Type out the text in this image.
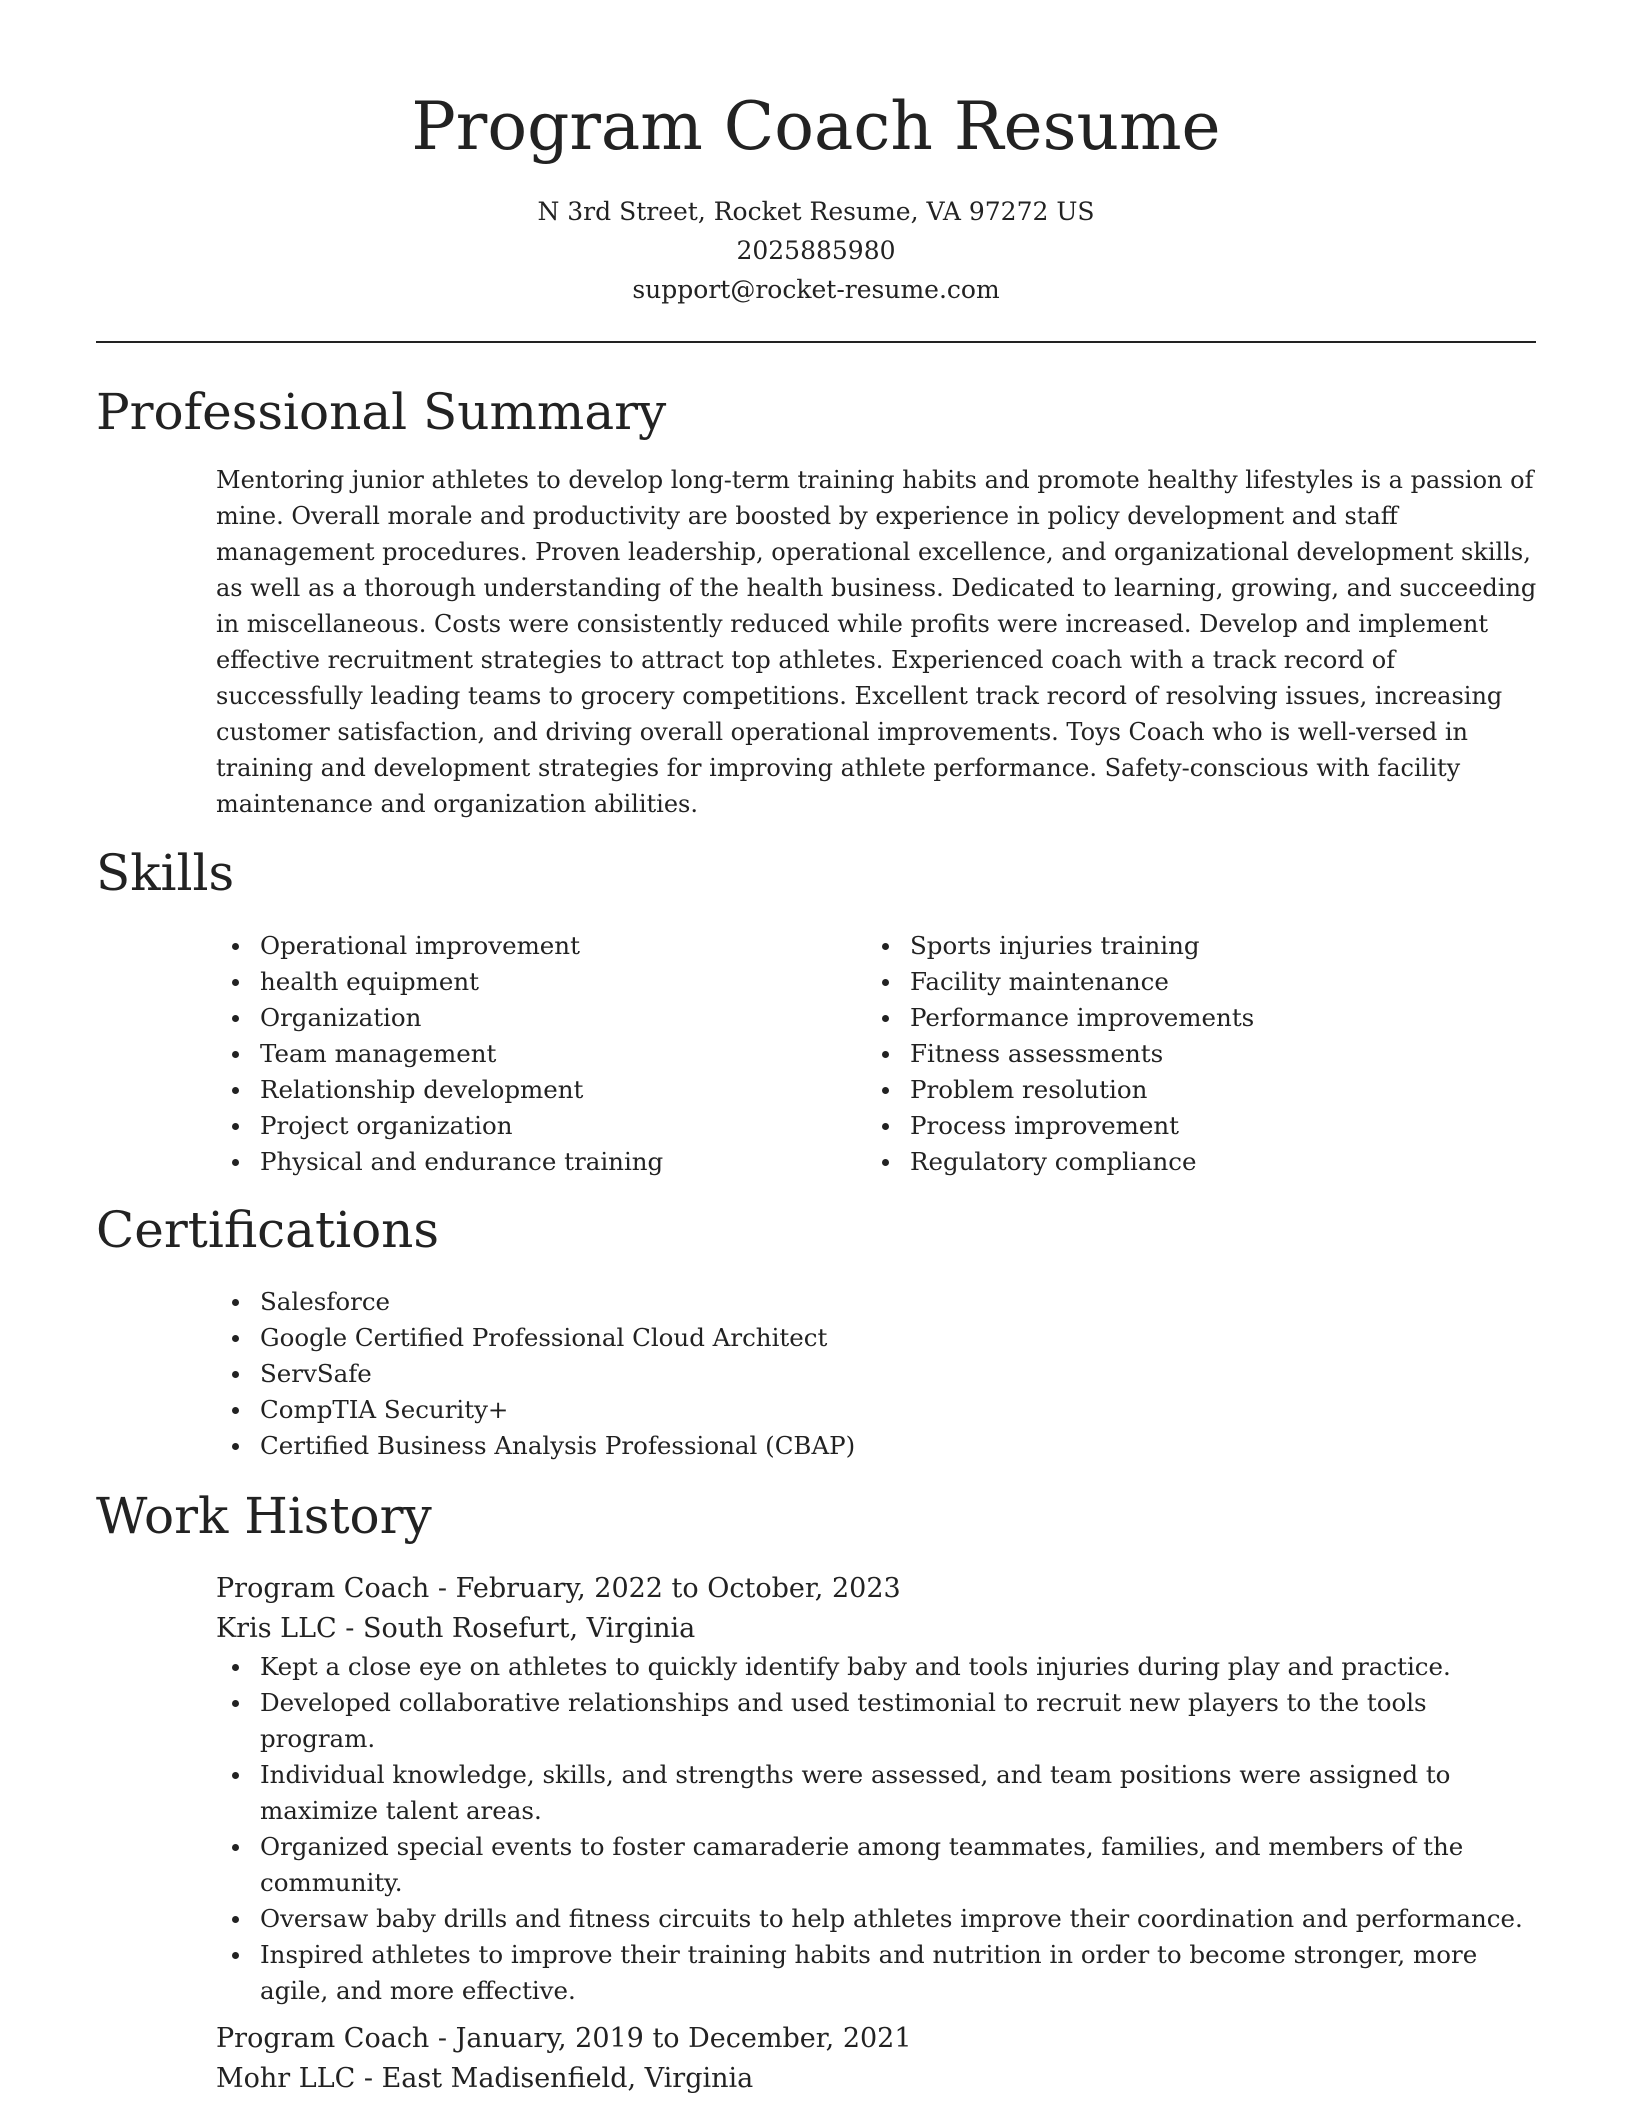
Program Coach Resume

N 3rd Street, Rocket Resume, VA 97272 US

2025885980

support@rocket-resume.com

Professional Summary

Mentoring junior athletes to develop long-term training habits and promote healthy lifestyles is a passion of mine. Overall morale and productivity are boosted by experience in policy development and staff management procedures. Proven leadership, operational excellence, and organizational development skills, as well as a thorough understanding of the health business. Dedicated to learning, growing, and succeeding in miscellaneous. Costs were consistently reduced while profits were increased. Develop and implement effective recruitment strategies to attract top athletes. Experienced coach with a track record of successfully leading teams to grocery competitions. Excellent track record of resolving issues, increasing customer satisfaction, and driving overall operational improvements. Toys Coach who is well-versed in training and development strategies for improving athlete performance. Safety-conscious with facility maintenance and organization abilities.

Skills
Operational improvement
health equipment
Organization
Team management
Relationship development
Project organization
Physical and endurance training
Sports injuries training
Facility maintenance
Performance improvements
Fitness assessments
Problem resolution
Process improvement
Regulatory compliance
Certifications
Salesforce
Google Certified Professional Cloud Architect
ServSafe
CompTIA Security+
Certified Business Analysis Professional (CBAP)
Work History

Program Coach - February, 2022 to October, 2023

Kris LLC - South Rosefurt, Virginia

Kept a close eye on athletes to quickly identify baby and tools injuries during play and practice.
Developed collaborative relationships and used testimonial to recruit new players to the tools program.
Individual knowledge, skills, and strengths were assessed, and team positions were assigned to maximize talent areas.
Organized special events to foster camaraderie among teammates, families, and members of the community.
Oversaw baby drills and fitness circuits to help athletes improve their coordination and performance.
Inspired athletes to improve their training habits and nutrition in order to become stronger, more agile, and more effective.

Program Coach - January, 2019 to December, 2021

Mohr LLC - East Madisenfield, Virginia
